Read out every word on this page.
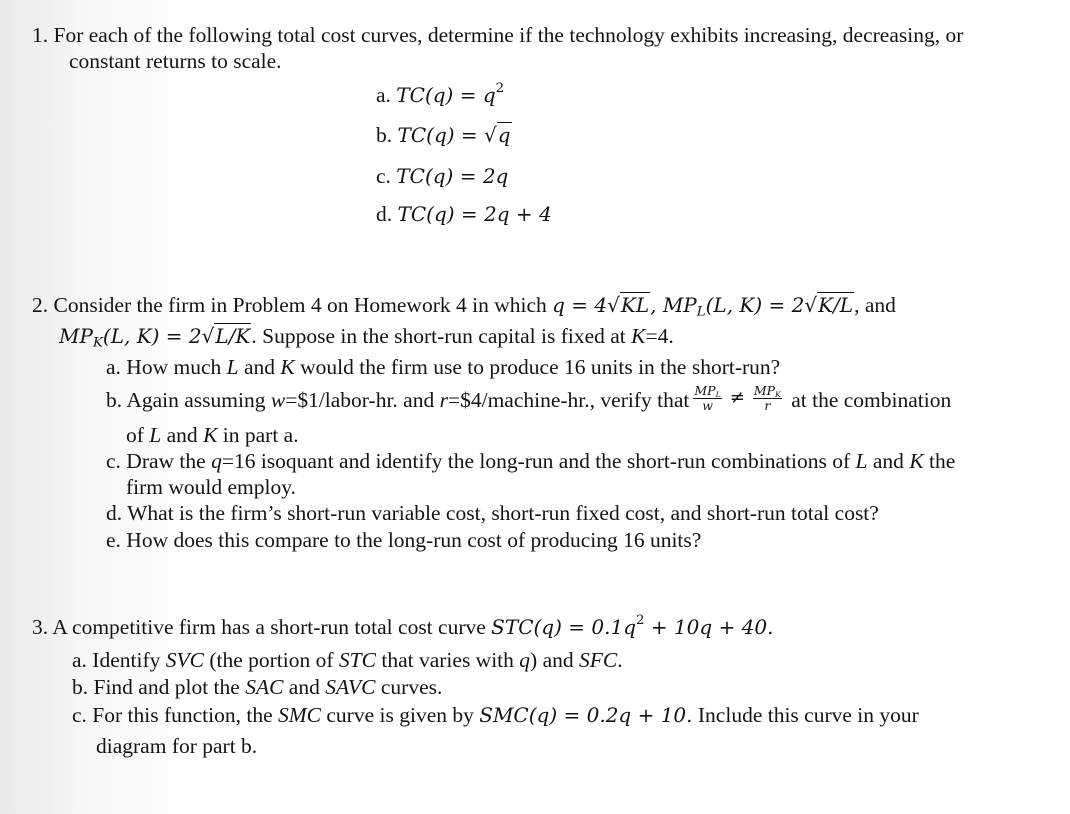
1. For each of the following total cost curves, determine if the technology exhibits increasing, decreasing, or
constant returns to scale.
a. $TC(q) = q^2$
b. TC(q) = √q
c. TC(q) = 2q
d. TC(q) = 2q + 4
2. Consider the firm in Problem 4 on Homework 4 in which q = 4√KL, $MP_L(L$, K) = 2√K/L, and
$MP_K(L$, K) = 2√L/K. Suppose in the short-run capital is fixed at K=4.
a. How much L and K would the firm use to produce 16 units in the short-run?
b. Again assuming w=$1/labor-hr. and r=$4/machine-hr., verify that $\frac{MP_L}{w} \ne \frac{MP_K}{r}$ at the combination
of L and K in part a.
c. Draw the q=16 isoquant and identify the long-run and the short-run combinations of L and K the
firm would employ.
d. What is the firm’s short-run variable cost, short-run fixed cost, and short-run total cost?
e. How does this compare to the long-run cost of producing 16 units?
3. A competitive firm has a short-run total cost curve $STC(q) = 0.1q^2 + 10q + 40$.
a. Identify SVC (the portion of STC that varies with q) and SFC.
b. Find and plot the SAC and SAVC curves.
c. For this function, the SMC curve is given by SMC(q) = 0.2q + 10. Include this curve in your
diagram for part b.
